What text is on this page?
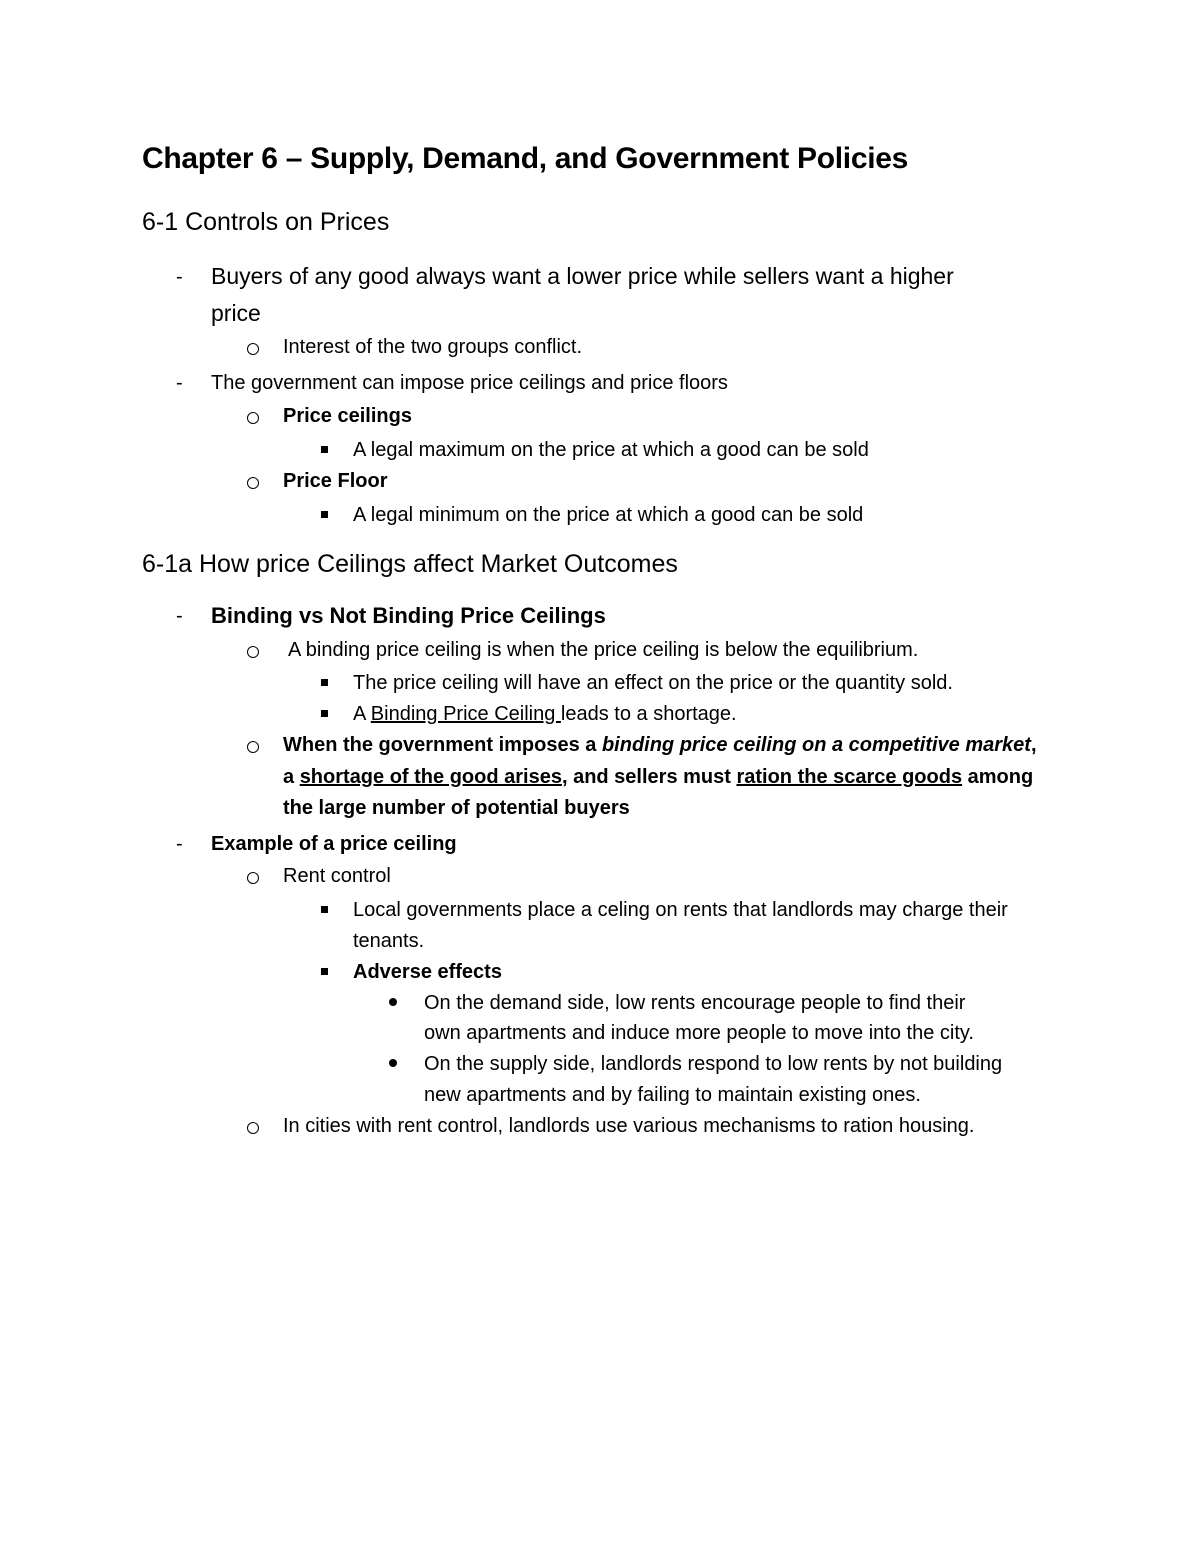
Chapter 6 – Supply, Demand, and Government Policies
6-1 Controls on Prices
- Buyers of any good always want a lower price while sellers want a higher
price
Interest of the two groups conflict.
- The government can impose price ceilings and price floors
Price ceilings
A legal maximum on the price at which a good can be sold
Price Floor
A legal minimum on the price at which a good can be sold
6-1a How price Ceilings affect Market Outcomes
- Binding vs Not Binding Price Ceilings
A binding price ceiling is when the price ceiling is below the equilibrium.
The price ceiling will have an effect on the price or the quantity sold.
A Binding Price Ceiling leads to a shortage.
When the government imposes a binding price ceiling on a competitive market,
a shortage of the good arises, and sellers must ration the scarce goods among
the large number of potential buyers
- Example of a price ceiling
Rent control
Local governments place a celing on rents that landlords may charge their
tenants.
Adverse effects
On the demand side, low rents encourage people to find their
own apartments and induce more people to move into the city.
On the supply side, landlords respond to low rents by not building
new apartments and by failing to maintain existing ones.
In cities with rent control, landlords use various mechanisms to ration housing.
